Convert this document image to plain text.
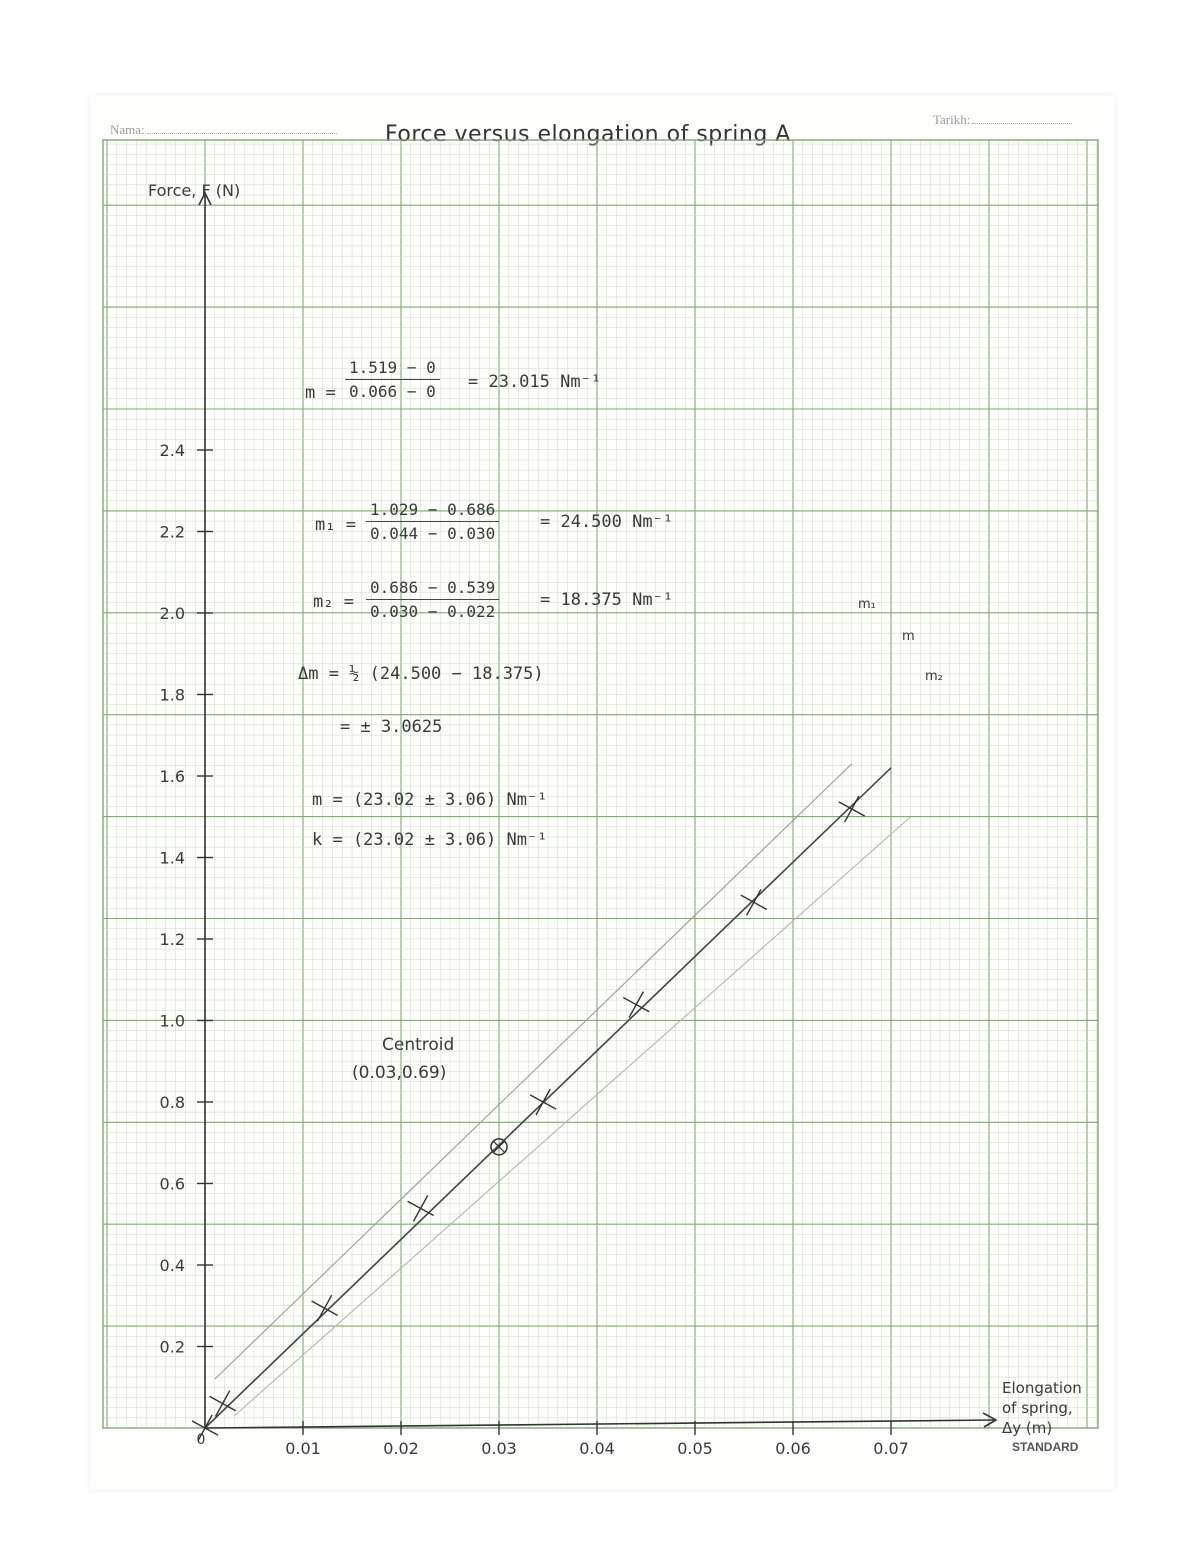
Nama:
Tarikh:
Force versus elongation of spring A
0.2
0.4
0.6
0.8
1.0
1.2
1.4
1.6
1.8
2.0
2.2
2.4
0.01	0.02	0.03	0.04	0.05	0.06	0.07
0
Force, F (N)
Elongation
of spring,
Δy (m)
m
m₁
m₂
Centroid
(0.03,0.69)
$m = \frac{1.519 - 0}{0.066 - 0} = 23.015$ Nm⁻¹
$m_1 = \frac{1.029 - 0.686}{0.044 - 0.030} = 24.500$ Nm⁻¹
$m_2 = \frac{0.686 - 0.539}{0.030 - 0.022} = 18.375$ Nm⁻¹
Δm = ½ (24.500 − 18.375)
= ± 3.0625
m = (23.02 ± 3.06) Nm⁻¹
k = (23.02 ± 3.06) Nm⁻¹
STANDARD
